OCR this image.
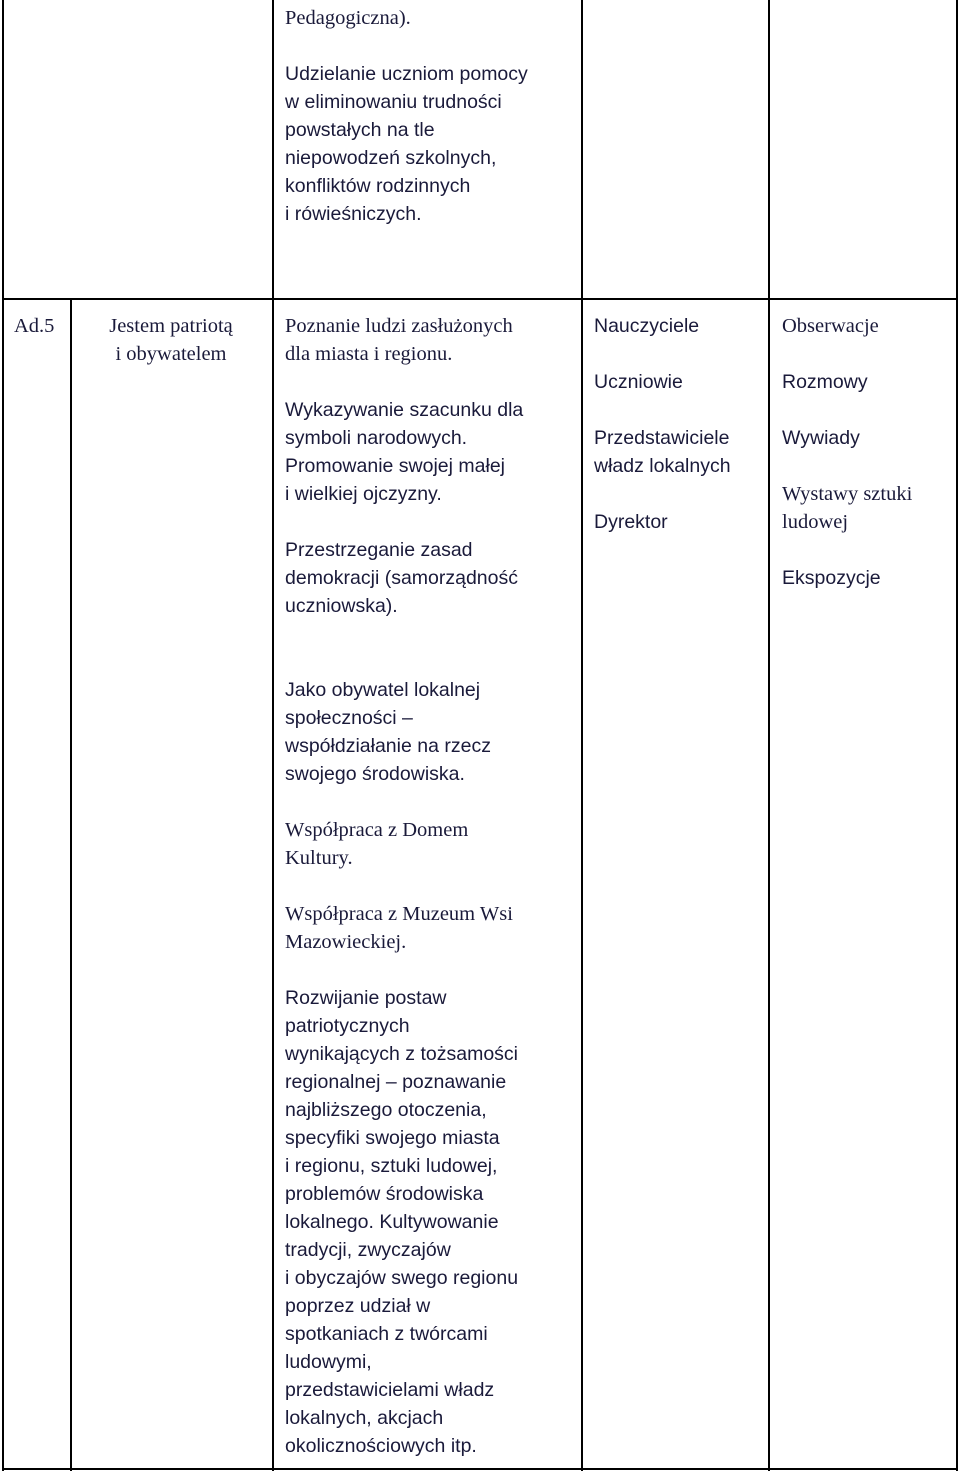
Pedagogiczna).
Udzielanie uczniom pomocy
w eliminowaniu trudności
powstałych na tle
niepowodzeń szkolnych,
konfliktów rodzinnych
i rówieśniczych.
Ad.5	Jestem patriotą
i obywatelem
Poznanie ludzi zasłużonych
dla miasta i regionu.
Wykazywanie szacunku dla
symboli narodowych.
Promowanie swojej małej
i wielkiej ojczyzny.
Przestrzeganie zasad
demokracji (samorządność
uczniowska).
Jako obywatel lokalnej
społeczności –
współdziałanie na rzecz
swojego środowiska.
Współpraca z Domem
Kultury.
Współpraca z Muzeum Wsi
Mazowieckiej.
Rozwijanie postaw
patriotycznych
wynikających z tożsamości
regionalnej – poznawanie
najbliższego otoczenia,
specyfiki swojego miasta
i regionu, sztuki ludowej,
problemów środowiska
lokalnego. Kultywowanie
tradycji, zwyczajów
i obyczajów swego regionu
poprzez udział w
spotkaniach z twórcami
ludowymi,
przedstawicielami władz
lokalnych, akcjach
okolicznościowych itp.
Nauczyciele
Uczniowie
Przedstawiciele
władz lokalnych
Dyrektor
Obserwacje
Rozmowy
Wywiady
Wystawy sztuki
ludowej
Ekspozycje
